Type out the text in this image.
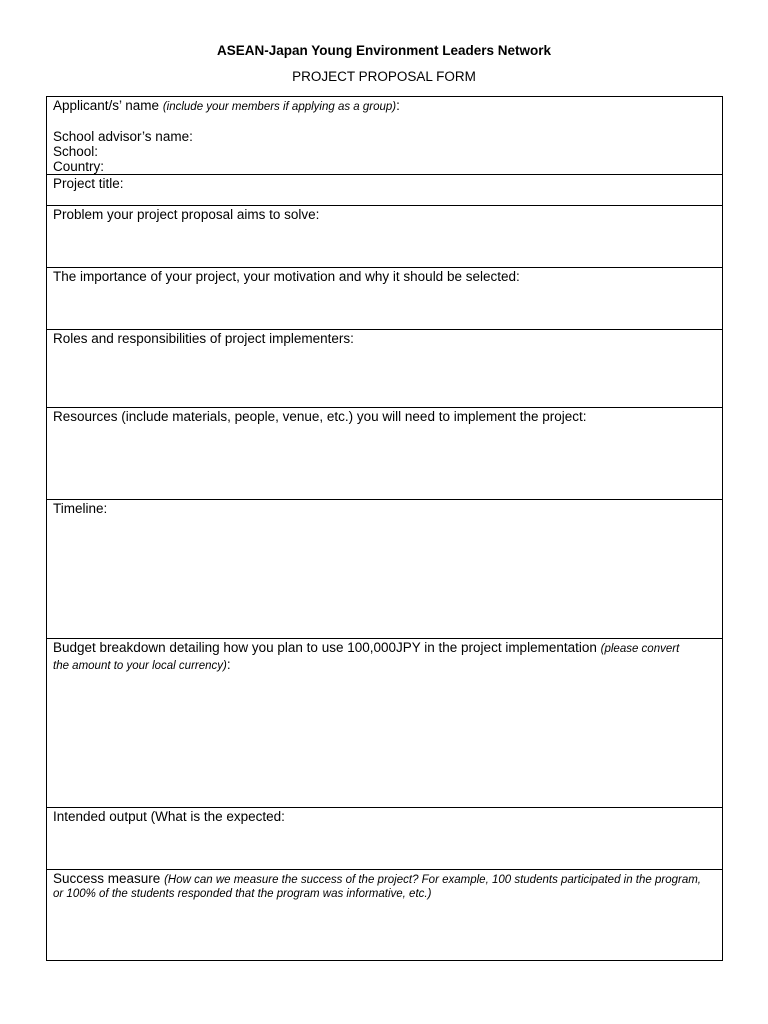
ASEAN-Japan Young Environment Leaders Network
PROJECT PROPOSAL FORM
Applicant/s’ name (include your members if applying as a group):
School advisor’s name:
School:
Country:

Project title:

Problem your project proposal aims to solve:

The importance of your project, your motivation and why it should be selected:

Roles and responsibilities of project implementers:

Resources (include materials, people, venue, etc.) you will need to implement the project:

Timeline:

Budget breakdown detailing how you plan to use 100,000JPY in the project implementation (please convert
the amount to your local currency):

Intended output (What is the expected:

Success measure (How can we measure the success of the project? For example, 100 students participated in the program,
or 100% of the students responded that the program was informative, etc.)
